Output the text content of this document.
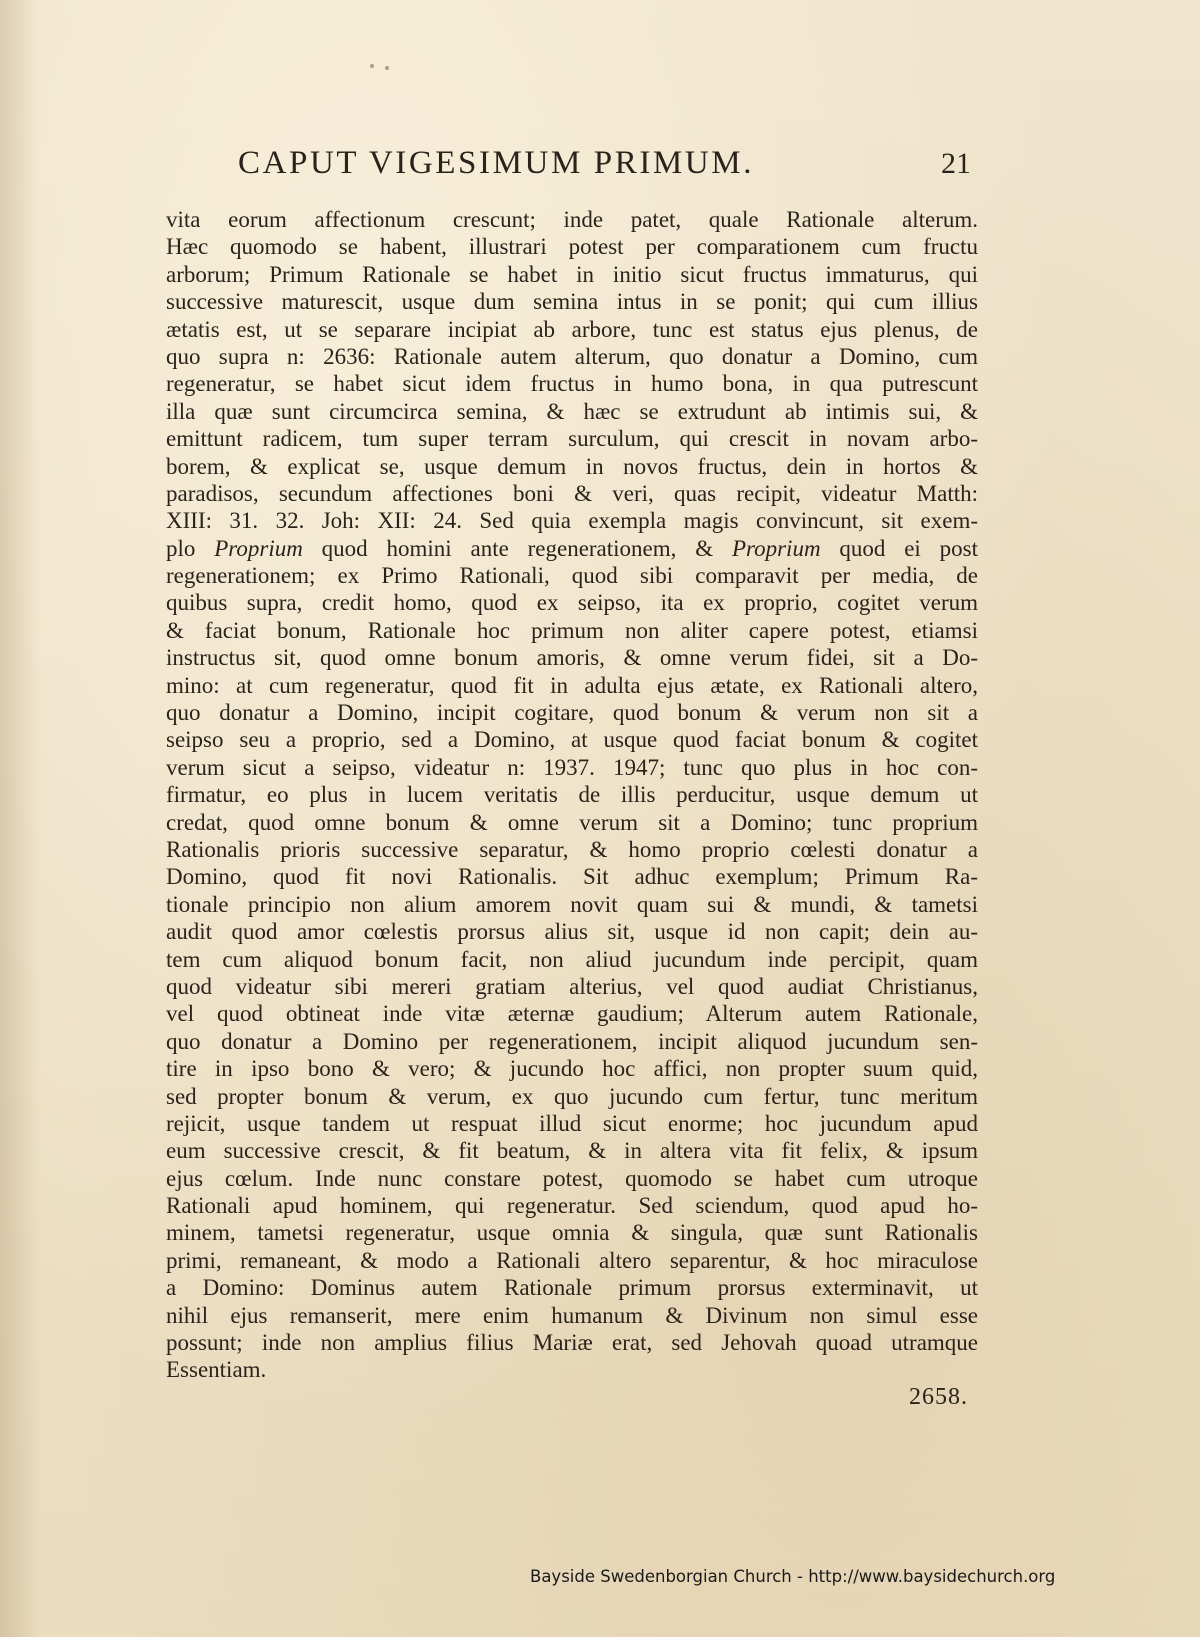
CAPUT VIGESIMUM PRIMUM.	21
vita eorum affectionum crescunt; inde patet, quale Rationale alterum.
Hæc quomodo se habent, illustrari potest per comparationem cum fructu
arborum; Primum Rationale se habet in initio sicut fructus immaturus, qui
successive maturescit, usque dum semina intus in se ponit; qui cum illius
ætatis est, ut se separare incipiat ab arbore, tunc est status ejus plenus, de
quo supra n: 2636: Rationale autem alterum, quo donatur a Domino, cum
regeneratur, se habet sicut idem fructus in humo bona, in qua putrescunt
illa quæ sunt circumcirca semina, & hæc se extrudunt ab intimis sui, &
emittunt radicem, tum super terram surculum, qui crescit in novam arbo-
borem, & explicat se, usque demum in novos fructus, dein in hortos &
paradisos, secundum affectiones boni & veri, quas recipit, videatur Matth:
XIII: 31. 32. Joh: XII: 24. Sed quia exempla magis convincunt, sit exem-
plo Proprium quod homini ante regenerationem, & Proprium quod ei post
regenerationem; ex Primo Rationali, quod sibi comparavit per media, de
quibus supra, credit homo, quod ex seipso, ita ex proprio, cogitet verum
& faciat bonum, Rationale hoc primum non aliter capere potest, etiamsi
instructus sit, quod omne bonum amoris, & omne verum fidei, sit a Do-
mino: at cum regeneratur, quod fit in adulta ejus ætate, ex Rationali altero,
quo donatur a Domino, incipit cogitare, quod bonum & verum non sit a
seipso seu a proprio, sed a Domino, at usque quod faciat bonum & cogitet
verum sicut a seipso, videatur n: 1937. 1947; tunc quo plus in hoc con-
firmatur, eo plus in lucem veritatis de illis perducitur, usque demum ut
credat, quod omne bonum & omne verum sit a Domino; tunc proprium
Rationalis prioris successive separatur, & homo proprio cœlesti donatur a
Domino, quod fit novi Rationalis. Sit adhuc exemplum; Primum Ra-
tionale principio non alium amorem novit quam sui & mundi, & tametsi
audit quod amor cœlestis prorsus alius sit, usque id non capit; dein au-
tem cum aliquod bonum facit, non aliud jucundum inde percipit, quam
quod videatur sibi mereri gratiam alterius, vel quod audiat Christianus,
vel quod obtineat inde vitæ æternæ gaudium; Alterum autem Rationale,
quo donatur a Domino per regenerationem, incipit aliquod jucundum sen-
tire in ipso bono & vero; & jucundo hoc affici, non propter suum quid,
sed propter bonum & verum, ex quo jucundo cum fertur, tunc meritum
rejicit, usque tandem ut respuat illud sicut enorme; hoc jucundum apud
eum successive crescit, & fit beatum, & in altera vita fit felix, & ipsum
ejus cœlum. Inde nunc constare potest, quomodo se habet cum utroque
Rationali apud hominem, qui regeneratur. Sed sciendum, quod apud ho-
minem, tametsi regeneratur, usque omnia & singula, quæ sunt Rationalis
primi, remaneant, & modo a Rationali altero separentur, & hoc miraculose
a Domino: Dominus autem Rationale primum prorsus exterminavit, ut
nihil ejus remanserit, mere enim humanum & Divinum non simul esse
possunt; inde non amplius filius Mariæ erat, sed Jehovah quoad utramque
Essentiam.
2658.
Bayside Swedenborgian Church - http://www.baysidechurch.org
